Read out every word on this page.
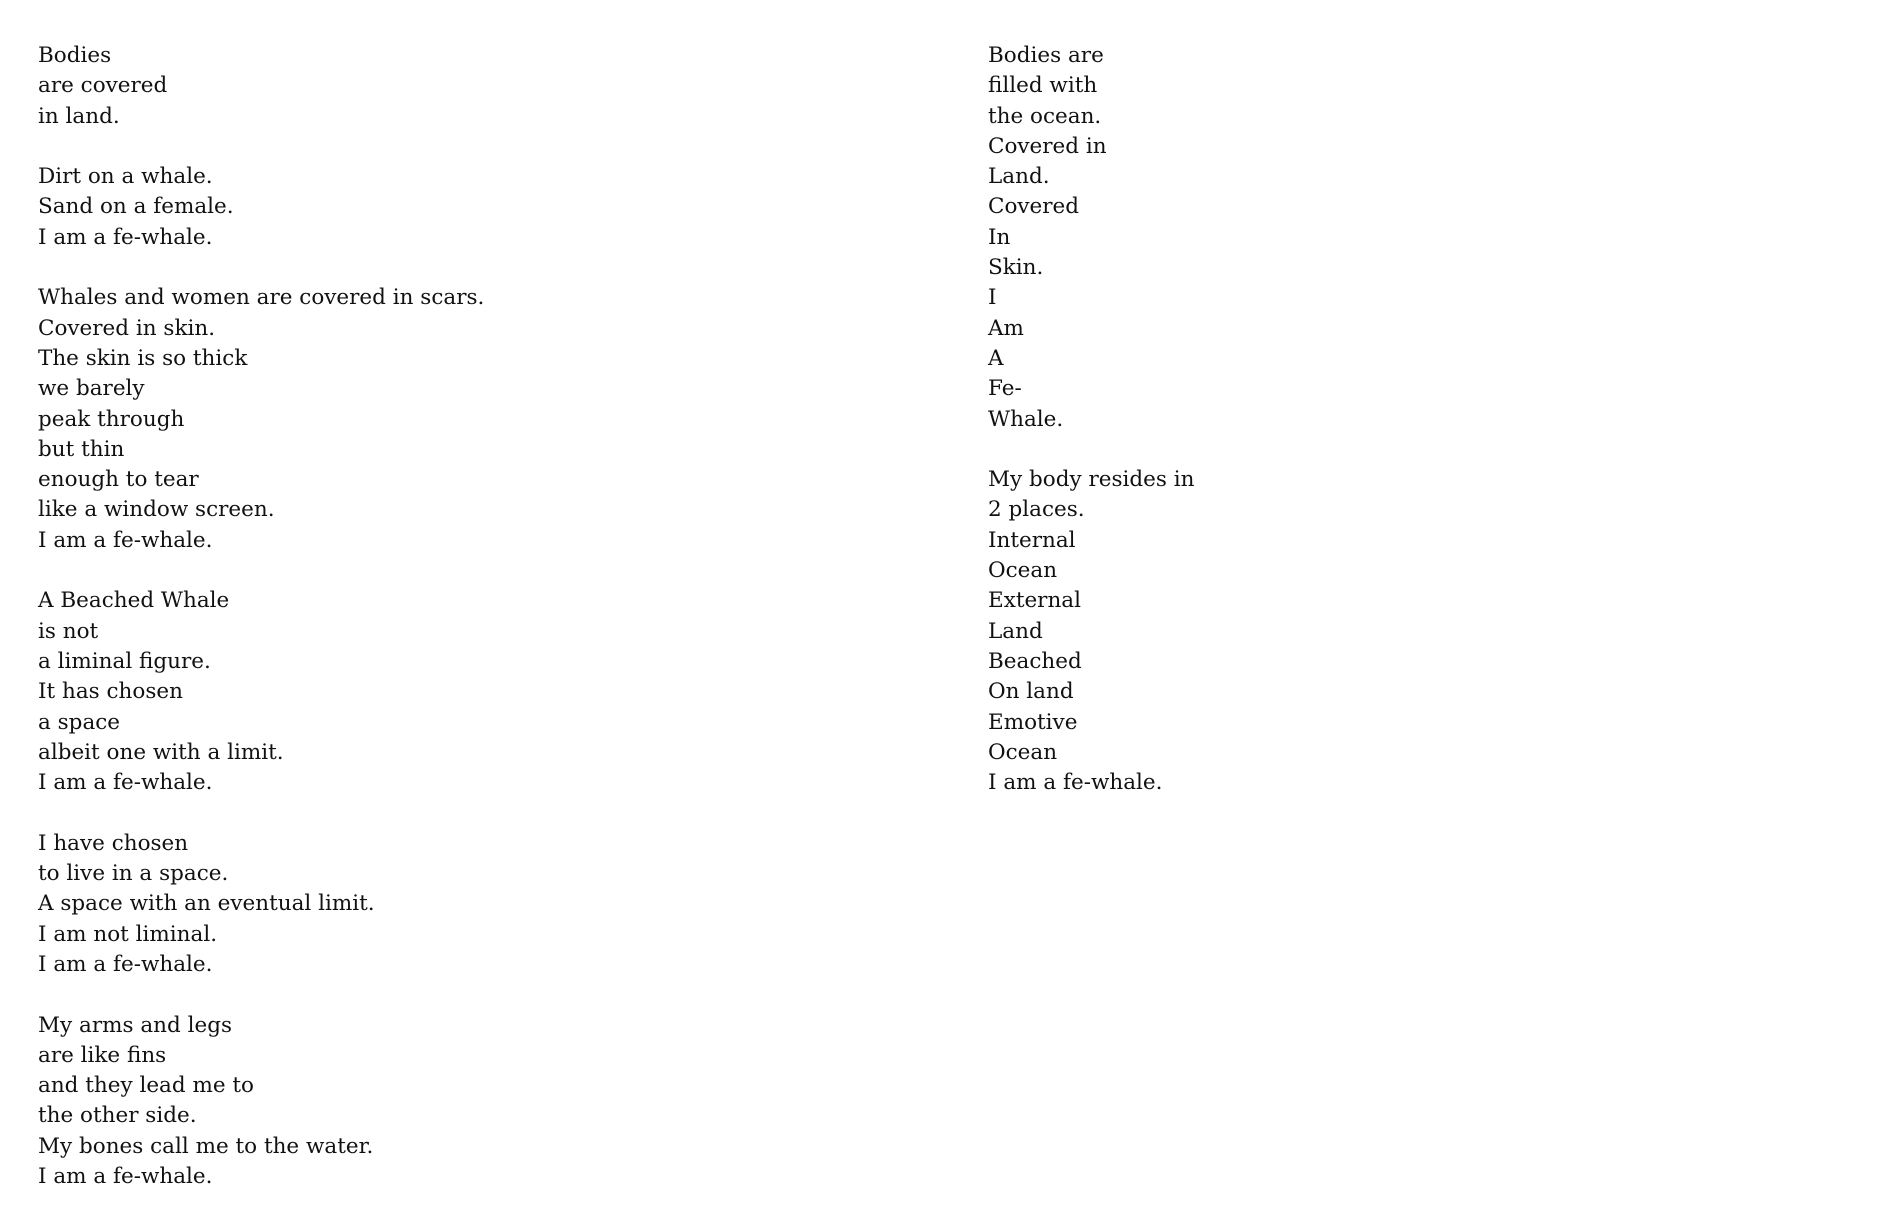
Bodies
are covered
in land.
Dirt on a whale.
Sand on a female.
I am a fe-whale.
Whales and women are covered in scars.
Covered in skin.
The skin is so thick
we barely
peak through
but thin
enough to tear
like a window screen.
I am a fe-whale.
A Beached Whale
is not
a liminal figure.
It has chosen
a space
albeit one with a limit.
I am a fe-whale.
I have chosen
to live in a space.
A space with an eventual limit.
I am not liminal.
I am a fe-whale.
My arms and legs
are like fins
and they lead me to
the other side.
My bones call me to the water.
I am a fe-whale.
Bodies are
filled with
the ocean.
Covered in
Land.
Covered
In
Skin.
I
Am
A
Fe-
Whale.
My body resides in
2 places.
Internal
Ocean
External
Land
Beached
On land
Emotive
Ocean
I am a fe-whale.
